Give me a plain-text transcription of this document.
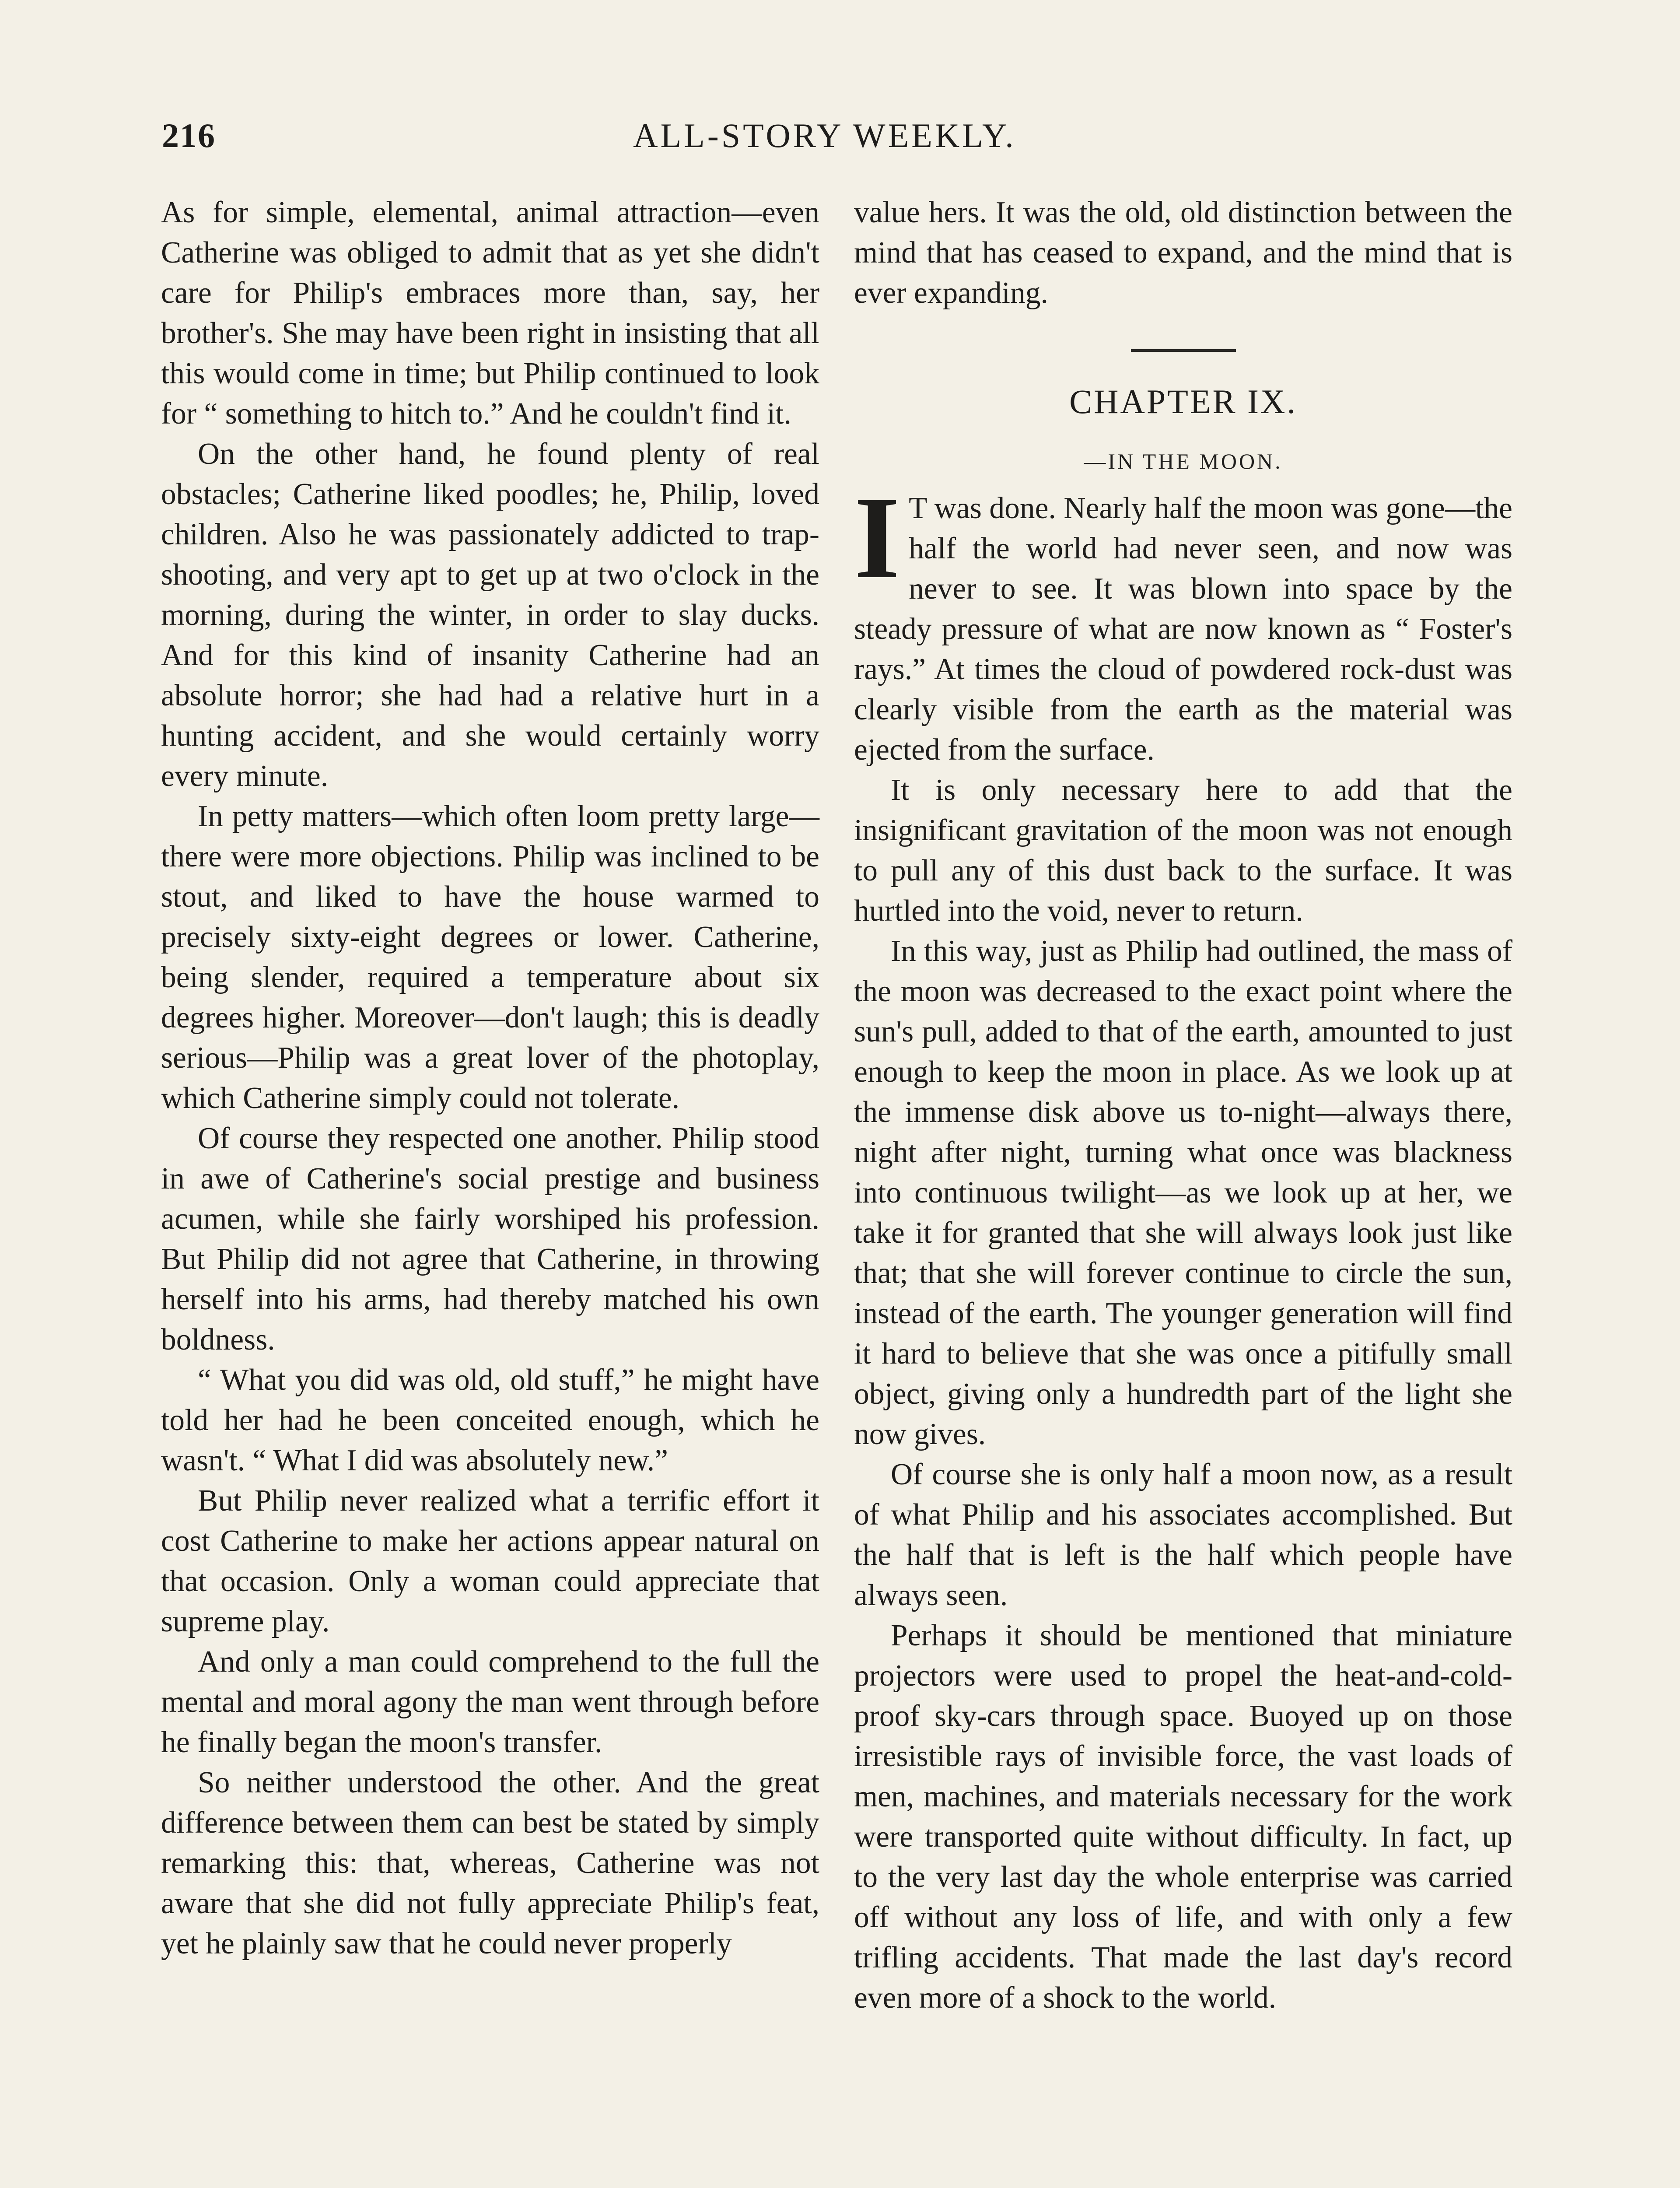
216	ALL-STORY WEEKLY.

As for simple, elemental, animal attraction—even Catherine was obliged to admit that as yet she didn't care for Philip's embraces more than, say, her brother's. She may have been right in insisting that all this would come in time; but Philip continued to look for “ something to hitch to.” And he couldn't find it.

On the other hand, he found plenty of real obstacles; Catherine liked poodles; he, Philip, loved children. Also he was passionately addicted to trap-shooting, and very apt to get up at two o'clock in the morning, during the winter, in order to slay ducks. And for this kind of insanity Catherine had an absolute horror; she had had a relative hurt in a hunting accident, and she would certainly worry every minute.

In petty matters—which often loom pretty large—there were more objections. Philip was inclined to be stout, and liked to have the house warmed to precisely sixty-eight degrees or lower. Catherine, being slender, required a temperature about six degrees higher. Moreover—don't laugh; this is deadly serious—Philip was a great lover of the photoplay, which Catherine simply could not tolerate.

Of course they respected one another. Philip stood in awe of Catherine's social prestige and business acumen, while she fairly worshiped his profession. But Philip did not agree that Catherine, in throwing herself into his arms, had thereby matched his own boldness.

“ What you did was old, old stuff,” he might have told her had he been conceited enough, which he wasn't. “ What I did was absolutely new.”

But Philip never realized what a terrific effort it cost Catherine to make her actions appear natural on that occasion. Only a woman could appreciate that supreme play.

And only a man could comprehend to the full the mental and moral agony the man went through before he finally began the moon's transfer.

So neither understood the other. And the great difference between them can best be stated by simply remarking this: that, whereas, Catherine was not aware that she did not fully appreciate Philip's feat, yet he plainly saw that he could never properly

value hers. It was the old, old distinction between the mind that has ceased to expand, and the mind that is ever expanding.

CHAPTER IX.
—IN THE MOON.

I T was done. Nearly half the moon was gone—the half the world had never seen, and now was never to see. It was blown into space by the steady pressure of what are now known as “ Foster's rays.” At times the cloud of powdered rock-dust was clearly visible from the earth as the material was ejected from the surface.

It is only necessary here to add that the insignificant gravitation of the moon was not enough to pull any of this dust back to the surface. It was hurtled into the void, never to return.

In this way, just as Philip had outlined, the mass of the moon was decreased to the exact point where the sun's pull, added to that of the earth, amounted to just enough to keep the moon in place. As we look up at the immense disk above us to-night—always there, night after night, turning what once was blackness into continuous twilight—as we look up at her, we take it for granted that she will always look just like that; that she will forever continue to circle the sun, instead of the earth. The younger generation will find it hard to believe that she was once a pitifully small object, giving only a hundredth part of the light she now gives.

Of course she is only half a moon now, as a result of what Philip and his associates accomplished. But the half that is left is the half which people have always seen.

Perhaps it should be mentioned that miniature projectors were used to propel the heat-and-cold-proof sky-cars through space. Buoyed up on those irresistible rays of invisible force, the vast loads of men, machines, and materials necessary for the work were transported quite without difficulty. In fact, up to the very last day the whole enterprise was carried off without any loss of life, and with only a few trifling accidents. That made the last day's record even more of a shock to the world.
